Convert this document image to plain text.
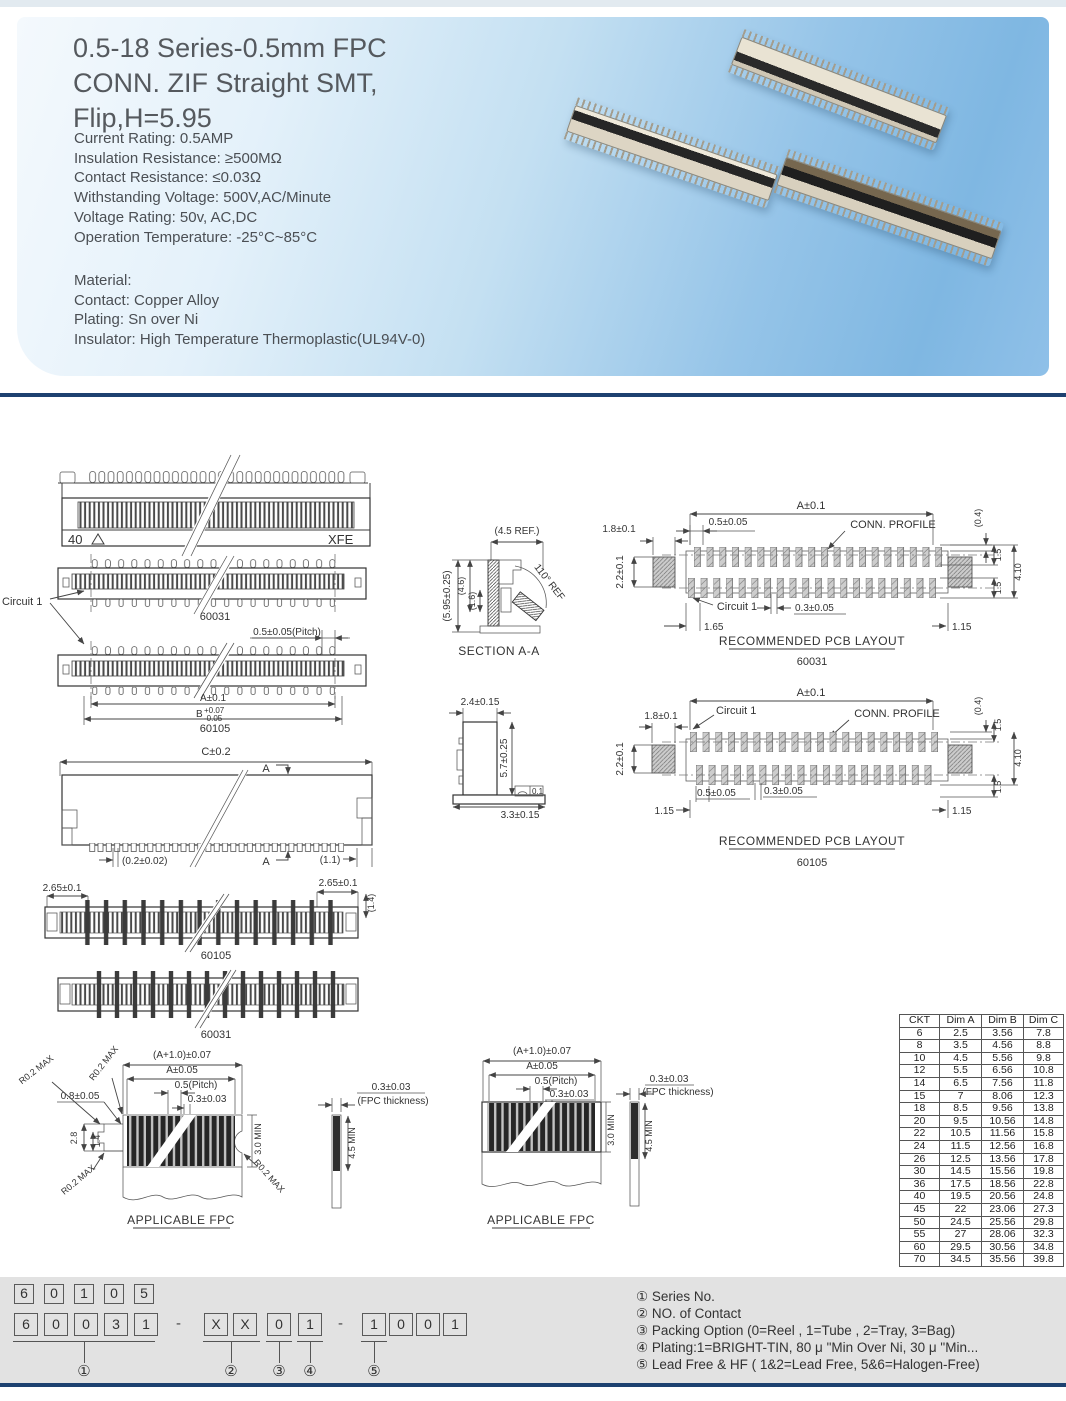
0.5-18 Series-0.5mm FPC
CONN. ZIF Straight SMT,
Flip,H=5.95
Current Rating: 0.5AMP
Insulation Resistance: ≥500MΩ
Contact Resistance: ≤0.03Ω
Withstanding Voltage: 500V,AC/Minute
Voltage Rating: 50v, AC,DC
Operation Temperature: -25°C~85°C
Material:
Contact: Copper Alloy
Plating: Sn over Ni
Insulator: High Temperature Thermoplastic(UL94V-0)
40	XFE
60031
Circuit 1
0.5±0.05(Pitch)
A±0.1
B +0.07
-0.05
60105
(4.5 REF.)
110° REF
(5.95±0.25) (4.6)
(1.6)
SECTION A-A
A±0.1
0.5±0.05	CONN. PROFILE
1.8±0.1
2.2±0.1
(0.4)
1.5
1.5
4.10
Circuit 1	0.3±0.05
1.65	1.15
RECOMMENDED PCB LAYOUT
60031
A±0.1
Circuit 1
1.8±0.1	CONN. PROFILE	(0.4)
1.5
2.2±0.1	4.10
1.5
0.5±0.05	0.3±0.05
1.15	1.15
RECOMMENDED PCB LAYOUT
60105
C±0.2
A
(0.2±0.02)	A	(1.1)
2.4±0.15
5.7±0.25
0.1
3.3±0.15
2.65±0.1	2.65±0.1
(1.4)
60105
60031
(A+1.0)±0.07
A±0.05
0.5(Pitch)
0.3±0.03
0.8±0.05
2.8 1.4
R0.2 MAX	R0.2 MAX
R0.2 MAX	R0.2 MAX
3.0 MIN
APPLICABLE FPC
0.3±0.03
(FPC thickness)
4.5 MIN
(A+1.0)±0.07
A±0.05
0.5(Pitch)
0.3±0.03
3.0 MIN
APPLICABLE FPC
0.3±0.03
(FPC thickness)
4.5 MIN
CKT	Dim A	Dim B	Dim C
6	2.5	3.56	7.8
8	3.5	4.56	8.8
10	4.5	5.56	9.8
12	5.5	6.56	10.8
14	6.5	7.56	11.8
15	7	8.06	12.3
18	8.5	9.56	13.8
20	9.5	10.56	14.8
22	10.5	11.56	15.8
24	11.5	12.56	16.8
26	12.5	13.56	17.8
30	14.5	15.56	19.8
36	17.5	18.56	22.8
40	19.5	20.56	24.8
45	22	23.06	27.3
50	24.5	25.56	29.8
55	27	28.06	32.3
60	29.5	30.56	34.8
70	34.5	35.56	39.8
6	0	1	0	5
6	0	0	3	1	-	X	X	0	1	-	1	0	0	1
①	② ③ ④	⑤
① Series No.
② NO. of Contact
③ Packing Option (0=Reel , 1=Tube , 2=Tray, 3=Bag)
④ Plating:1=BRIGHT-TIN, 80 μ "Min Over Ni, 30 μ "Min...
⑤ Lead Free & HF ( 1&2=Lead Free, 5&6=Halogen-Free)
